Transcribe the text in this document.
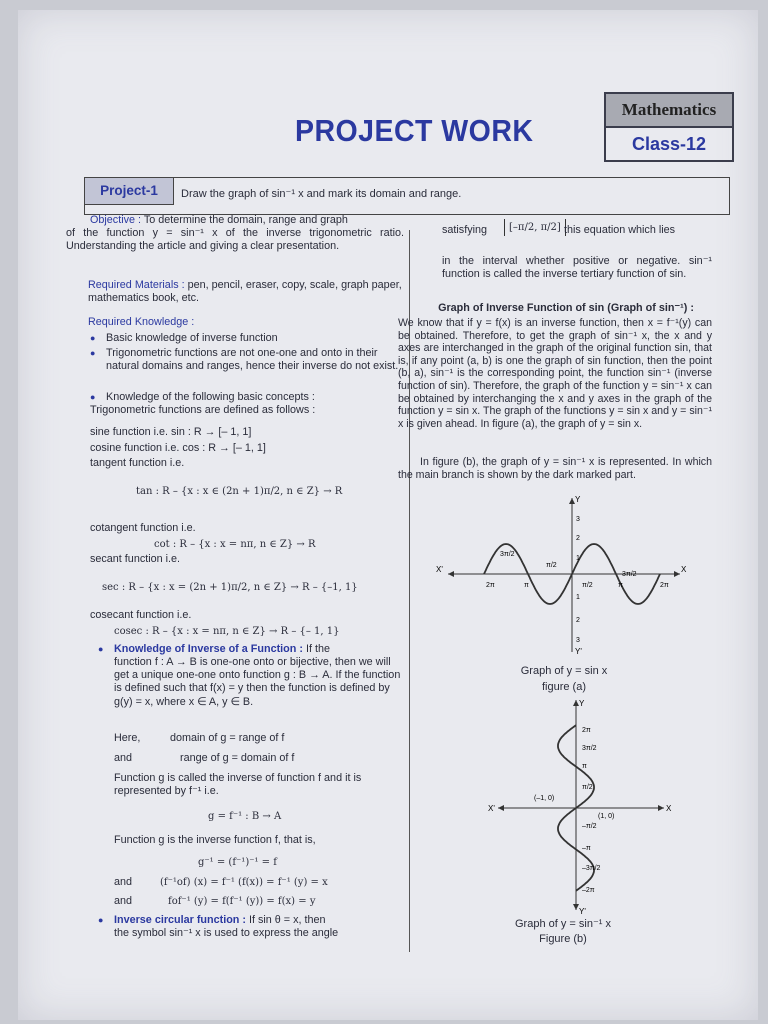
PROJECT WORK
Mathematics
Class-12
Project-1	Draw the graph of sin⁻¹ x and mark its domain and range.
Objective : To determine the domain, range and graph
of the function y = sin⁻¹ x of the inverse trigonometric ratio. Understanding the article and giving a clear presentation.
Required Materials : pen, pencil, eraser, copy, scale, graph paper, mathematics book, etc.
Required Knowledge :
● Basic knowledge of inverse function
● Trigonometric functions are not one-one and onto in their natural domains and ranges, hence their inverse do not exist.
● Knowledge of the following basic concepts :
Trigonometric functions are defined as follows :
sine function i.e. sin : R → [– 1, 1]
cosine function i.e. cos : R → [– 1, 1]
tangent function i.e.
tan : R – {x : x ∈ (2n + 1)π/2, n ∈ Z} → R
cotangent function i.e.
cot : R – {x : x = nπ, n ∈ Z} → R
secant function i.e.
sec : R – {x : x = (2n + 1)π/2, n ∈ Z} → R – {–1, 1}
cosecant function i.e.
cosec : R – {x : x = nπ, n ∈ Z} → R – {– 1, 1}
● Knowledge of Inverse of a Function : If the
function f : A → B is one-one onto or bijective, then we will get a unique one-one onto function g : B → A. If the function is defined such that f(x) = y then the function is defined by g(y) = x, where x ∈ A, y ∈ B.
Here,	domain of g = range of f
and	range of g = domain of f
Function g is called the inverse of function f and it is represented by f⁻¹ i.e.
g = f⁻¹ : B → A
Function g is the inverse function f, that is,
g⁻¹ = (f⁻¹)⁻¹ = f
and	(f⁻¹of) (x) = f⁻¹ (f(x)) = f⁻¹ (y) = x
and	fof⁻¹ (y) = f(f⁻¹ (y)) = f(x) = y
● Inverse circular function : If sin θ = x, then
the symbol sin⁻¹ x is used to express the angle
satisfying	[–π/2, π/2] this equation which lies
in the interval whether positive or negative. sin⁻¹ function is called the inverse tertiary function of sin.
Graph of Inverse Function of sin (Graph of sin⁻¹) :
We know that if y = f(x) is an inverse function, then x = f⁻¹(y) can be obtained. Therefore, to get the graph of sin⁻¹ x, the x and y axes are interchanged in the graph of the original function sin, that is, if any point (a, b) is one the graph of sin function, then the point (b, a), sin⁻¹ is the corresponding point, the function sin⁻¹ (inverse function of sin). Therefore, the graph of the function y = sin⁻¹ x can be obtained by interchanging the x and y axes in the graph of the function y = sin x. The graph of the functions y = sin x and y = sin⁻¹ x is given ahead. In figure (a), the graph of y = sin x.
In figure (b), the graph of y = sin⁻¹ x is represented. In which the main branch is shown by the dark marked part.
X
X'
Y
Y'
3
2
1
1
2
3
2π	π
π/2
π/2	π	2π
3π/2
3π/2
Graph of y = sin x
figure (a)
X
X'
Y
Y'
2π
3π/2
π
π/2
–π/2
–π
–3π/2
–2π
(–1, 0)
(1, 0)
Graph of y = sin⁻¹ x
Figure (b)
